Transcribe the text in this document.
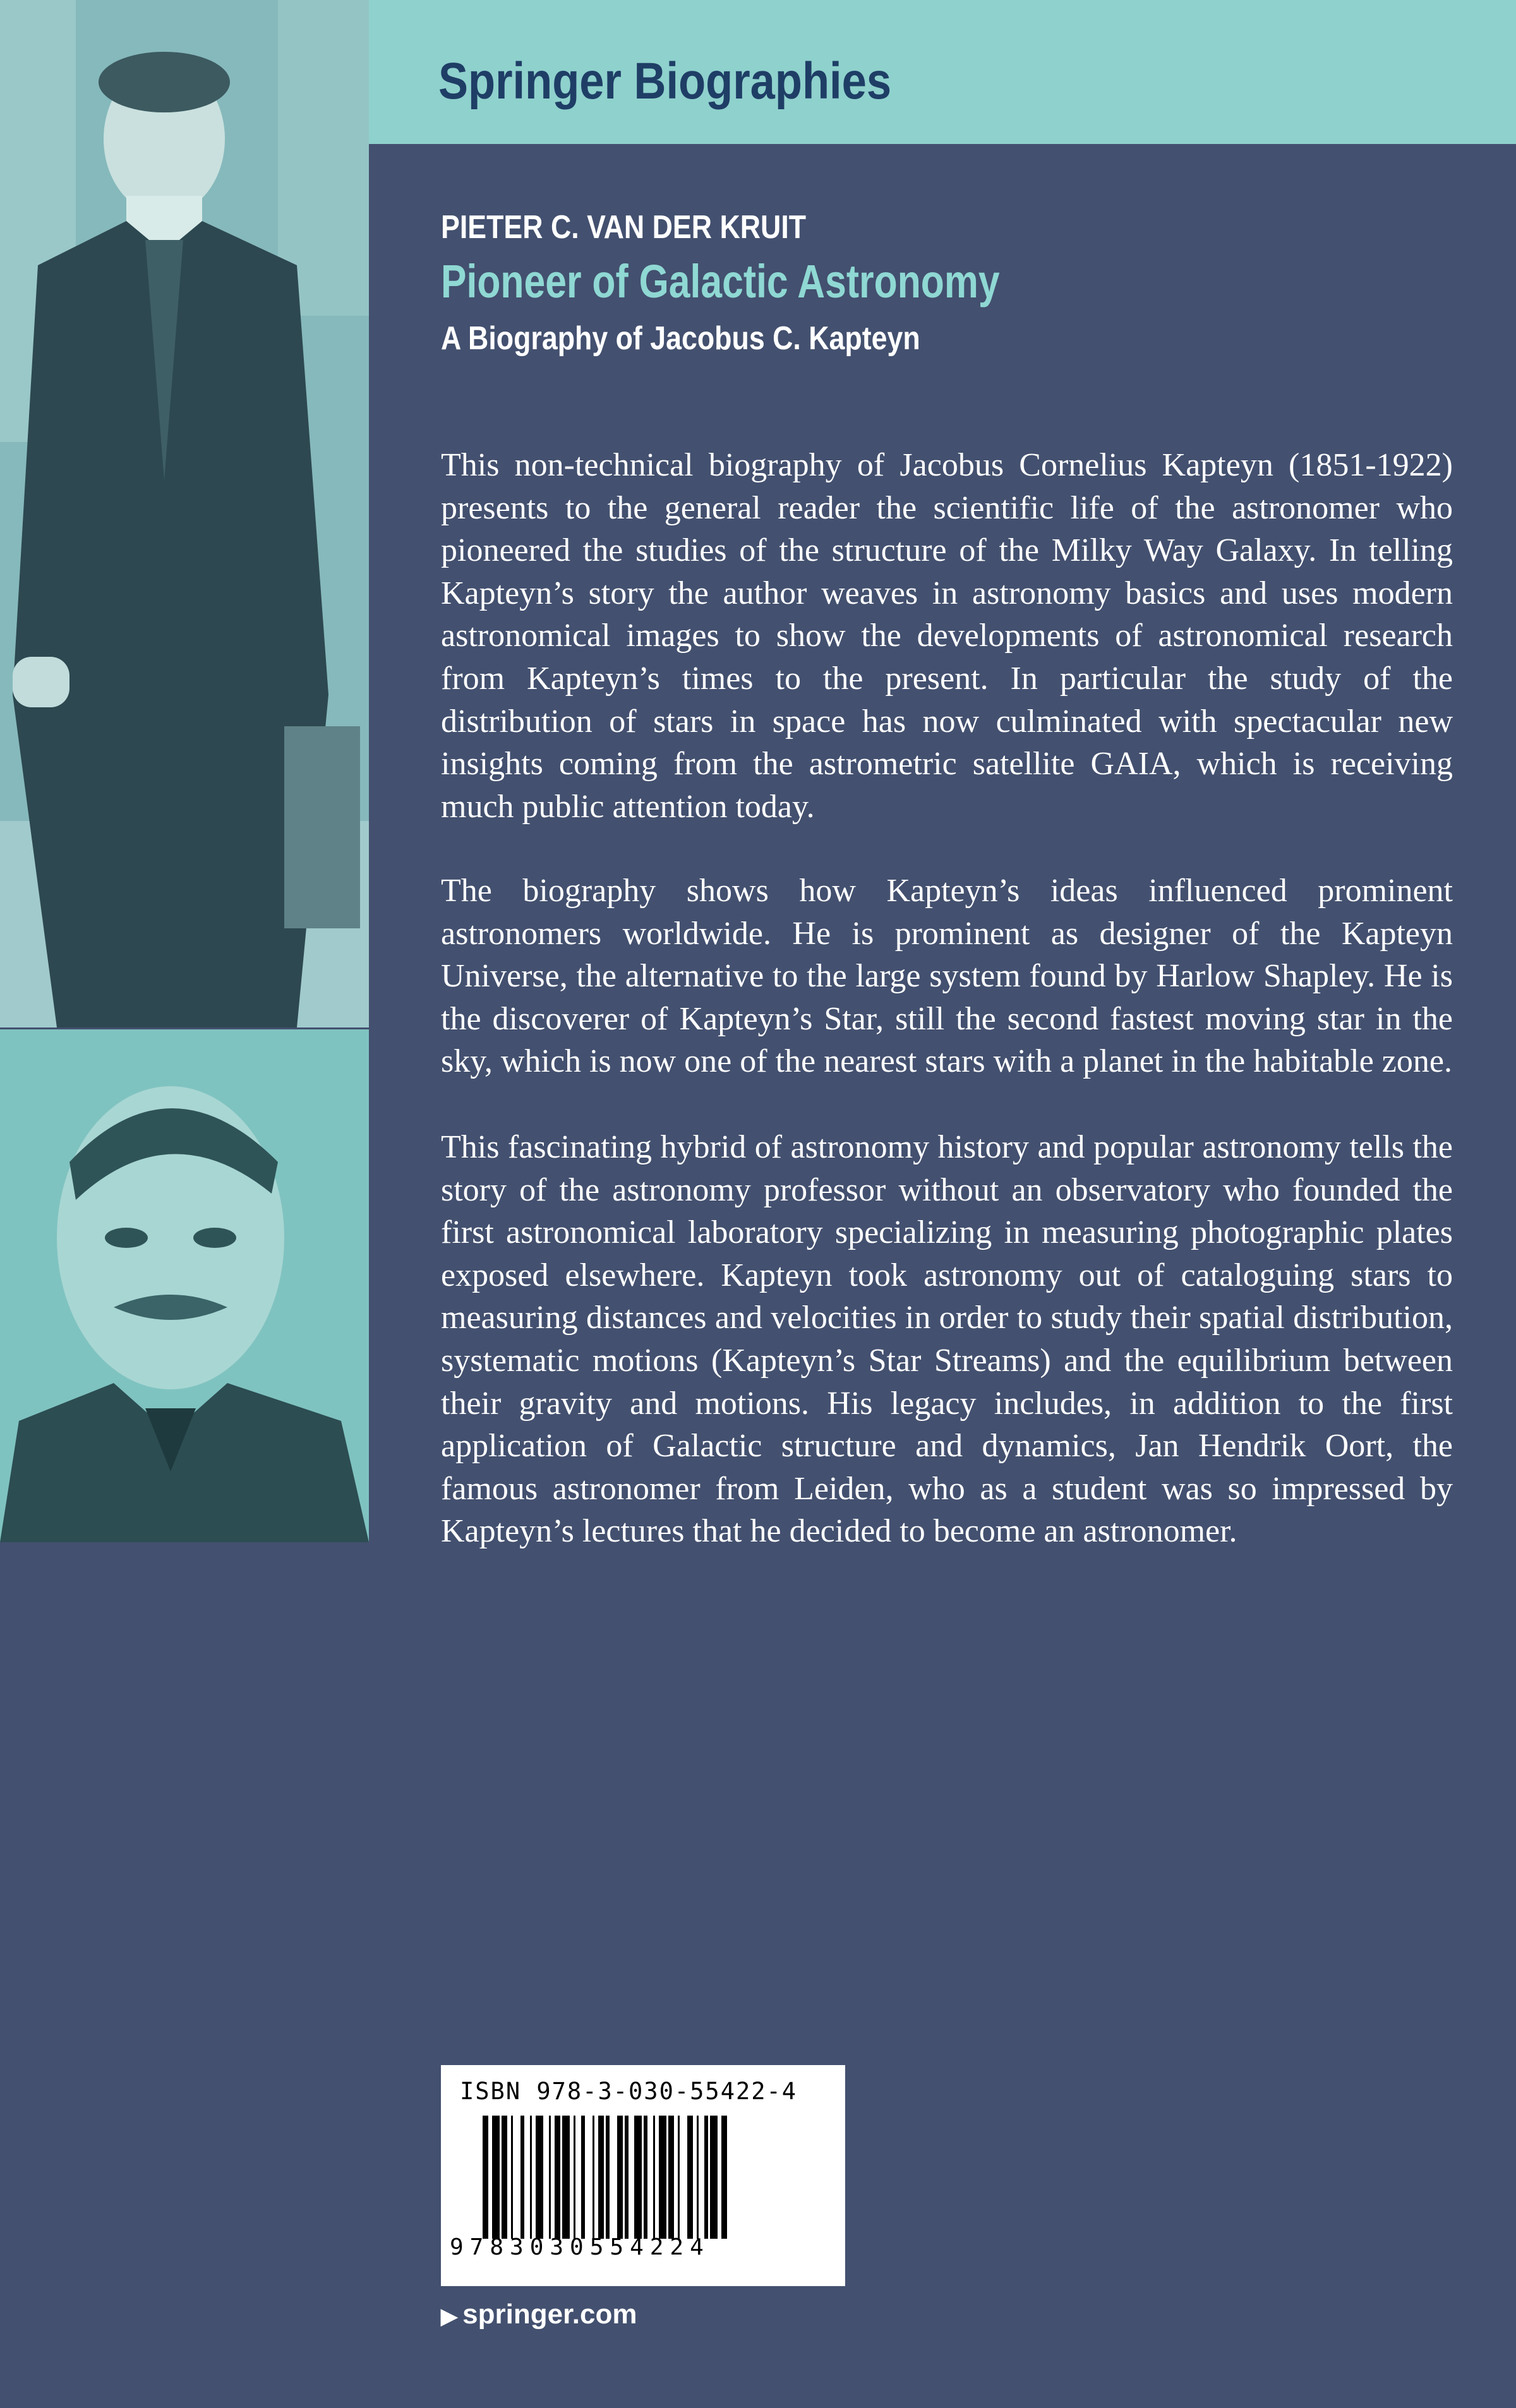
Springer Biographies
PIETER C. VAN DER KRUIT
Pioneer of Galactic Astronomy
A Biography of Jacobus C. Kapteyn

This non-technical biography of Jacobus Cornelius Kapteyn (1851-1922) presents to the general reader the scientific life of the astronomer who pioneered the studies of the structure of the Milky Way Galaxy. In telling Kapteyn’s story the author weaves in astronomy basics and uses modern astronomical images to show the developments of astronomical research from Kapteyn’s times to the present. In particular the study of the distribution of stars in space has now culminated with spectacular new insights coming from the astrometric satellite GAIA, which is receiving much public attention today.

The biography shows how Kapteyn’s ideas influenced prominent astronomers worldwide. He is prominent as designer of the Kapteyn Universe, the alternative to the large system found by Harlow Shapley. He is the discoverer of Kapteyn’s Star, still the second fastest moving star in the sky, which is now one of the nearest stars with a planet in the habitable zone.

This fascinating hybrid of astronomy history and popular astronomy tells the story of the astronomy professor without an observatory who founded the first astronomical laboratory specializing in measuring photographic plates exposed elsewhere. Kapteyn took astronomy out of cataloguing stars to measuring distances and velocities in order to study their spatial distribution, systematic motions (Kapteyn’s Star Streams) and the equilibrium between their gravity and motions. His legacy includes, in addition to the first application of Galactic structure and dynamics, Jan Hendrik Oort, the famous astronomer from Leiden, who as a student was so impressed by Kapteyn’s lectures that he decided to become an astronomer.

ISBN 978-3-030-55422-4
9783030554224
▶ springer.com
